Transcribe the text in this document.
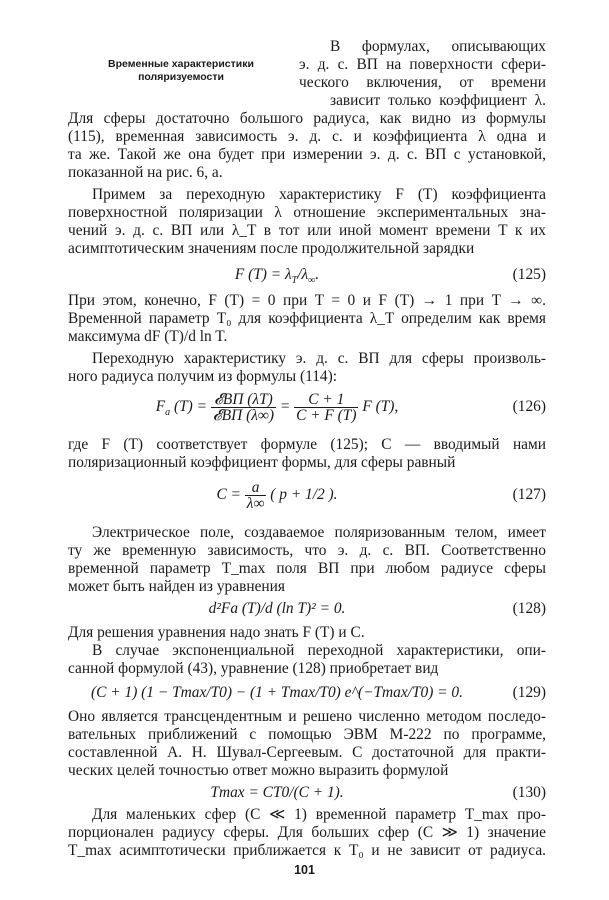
Временные характеристики поляризуемости
В формулах, описывающих
э. д. с. ВП на поверхности сфери-
ческого включения, от времени
зависит только коэффициент λ.
Для сферы достаточно большого радиуса, как видно из формулы
(115), временная зависимость э. д. с. и коэффициента λ одна и
та же. Такой же она будет при измерении э. д. с. ВП с установкой,
показанной на рис. 6, а.
Примем за переходную характеристику F (T) коэффициента
поверхностной поляризации λ отношение экспериментальных зна-
чений э. д. с. ВП или λ_T в тот или иной момент времени T к их
асимптотическим значениям после продолжительной зарядки
F $(T) = \lambda_T/\lambda_\infty$.	(125)
При этом, конечно, F (T) = 0 при T = 0 и F (T) → 1 при T → ∞.
Временной параметр T₀ для коэффициента λ_T определим как время
максимума dF (T)/d ln T.
Переходную характеристику э. д. с. ВП для сферы произволь-
ного радиуса получим из формулы (114):
$F_a$ $(T) = \frac{\text{𝓔ВП (λT)}}{\text{𝓔ВП (λ∞)}} = \frac{C + 1}{C + F (T)}$ F (T),	(126)
где F (T) соответствует формуле (125); C — вводимый нами
поляризационный коэффициент формы, для сферы равный
$C = \frac{a}{\lambda\infty}$ ( p + 1/2 ).	(127)
Электрическое поле, создаваемое поляризованным телом, имеет
ту же временную зависимость, что э. д. с. ВП. Соответственно
временной параметр T_max поля ВП при любом радиусе сферы
может быть найден из уравнения
d²Fa (T)/d (ln T)² = 0.	(128)
Для решения уравнения надо знать F (T) и C.
В случае экспоненциальной переходной характеристики, опи-
санной формулой (43), уравнение (128) приобретает вид
(C + 1) (1 − Tmax/T0) − (1 + Tmax/T0) e^(−Tmax/T0) = 0.	(129)
Оно является трансцендентным и решено численно методом последо-
вательных приближений с помощью ЭВМ М-222 по программе,
составленной А. Н. Шувал-Сергеевым. С достаточной для практи-
ческих целей точностью ответ можно выразить формулой
Tmax = CT0/(C + 1).	(130)
Для маленьких сфер (C ≪ 1) временной параметр T_max про-
порционален радиусу сферы. Для больших сфер (C ≫ 1) значение
T_max асимптотически приближается к T₀ и не зависит от радиуса.
101
